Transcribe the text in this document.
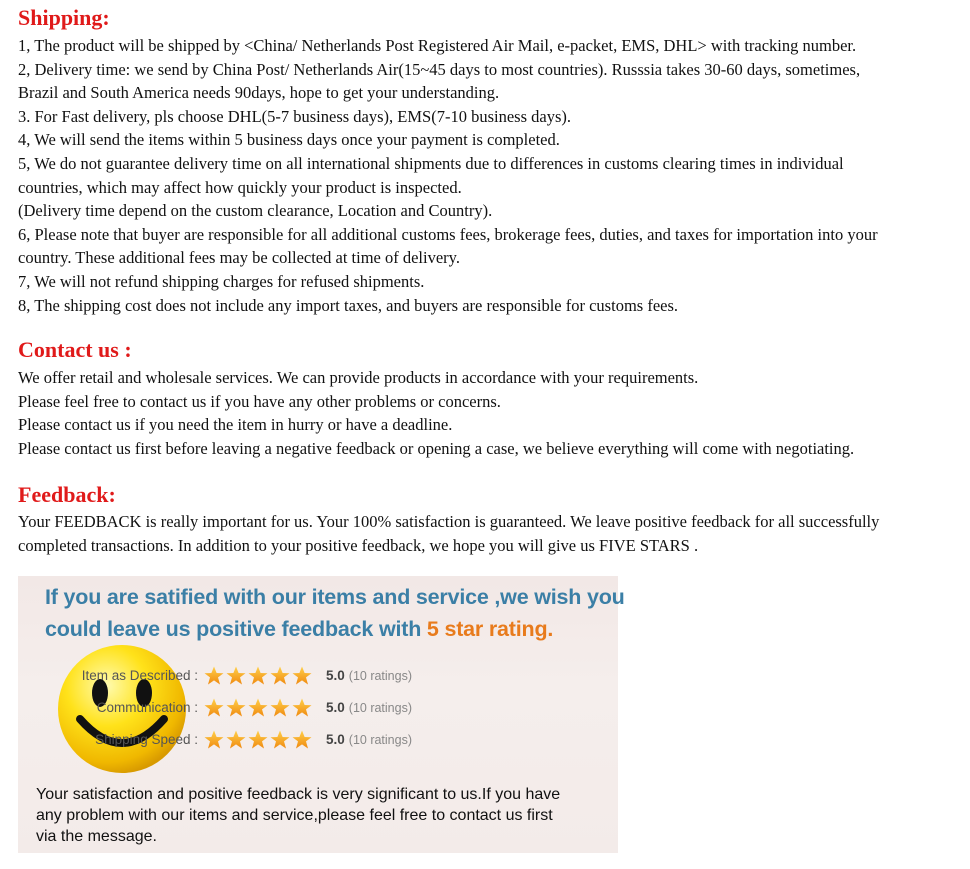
Shipping:
1, The product will be shipped by <China/ Netherlands Post Registered Air Mail, e-packet, EMS, DHL> with tracking number.
2, Delivery time: we send by China Post/ Netherlands Air(15~45 days to most countries). Russsia takes 30-60 days, sometimes,
Brazil and South America needs 90days, hope to get your understanding.
3. For Fast delivery, pls choose DHL(5-7 business days), EMS(7-10 business days).
4, We will send the items within 5 business days once your payment is completed.
5, We do not guarantee delivery time on all international shipments due to differences in customs clearing times in individual
countries, which may affect how quickly your product is inspected.
(Delivery time depend on the custom clearance, Location and Country).
6, Please note that buyer are responsible for all additional customs fees, brokerage fees, duties, and taxes for importation into your
country. These additional fees may be collected at time of delivery.
7, We will not refund shipping charges for refused shipments.
8, The shipping cost does not include any import taxes, and buyers are responsible for customs fees.
Contact us :
We offer retail and wholesale services. We can provide products in accordance with your requirements.
Please feel free to contact us if you have any other problems or concerns.
Please contact us if you need the item in hurry or have a deadline.
Please contact us first before leaving a negative feedback or opening a case, we believe everything will come with negotiating.
Feedback:
Your FEEDBACK is really important for us. Your 100% satisfaction is guaranteed. We leave positive feedback for all successfully
completed transactions. In addition to your positive feedback, we hope you will give us FIVE STARS .
If you are satified with our items and service ,we wish you
could leave us positive feedback with 5 star rating.
Item as Described :	5.0 (10 ratings)
Communication :	5.0 (10 ratings)
Shipping Speed :	5.0 (10 ratings)
Your satisfaction and positive feedback is very significant to us.If you have
any problem with our items and service,please feel free to contact us first
via the message.
